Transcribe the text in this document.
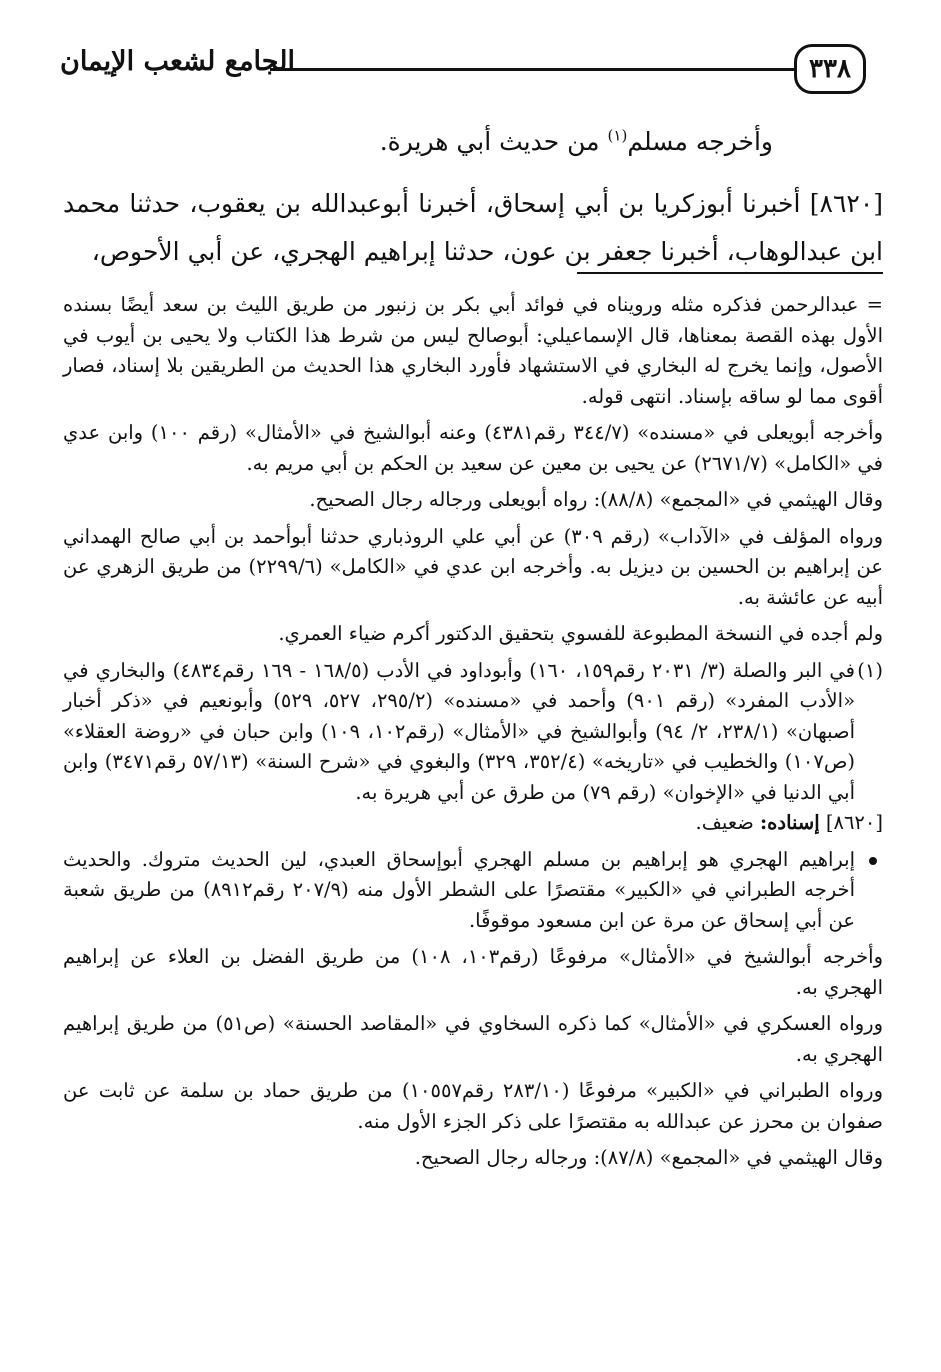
٣٣٨
الجامع لشعب الإيمان

وأخرجه مسلم$^{(١)}$ من حديث أبي هريرة.

[٨٦٢٠] أخبرنا أبوزكريا بن أبي إسحاق، أخبرنا أبوعبدالله بن يعقوب، حدثنا محمد ابن عبدالوهاب، أخبرنا جعفر بن عون، حدثنا إبراهيم الهجري، عن أبي الأحوص،

= عبدالرحمن فذكره مثله ورويناه في فوائد أبي بكر بن زنبور من طريق الليث بن سعد أيضًا بسنده الأول بهذه القصة بمعناها، قال الإسماعيلي: أبوصالح ليس من شرط هذا الكتاب ولا يحيى بن أيوب في الأصول، وإنما يخرج له البخاري في الاستشهاد فأورد البخاري هذا الحديث من الطريقين بلا إسناد، فصار أقوى مما لو ساقه بإسناد. انتهى قوله.

وأخرجه أبويعلى في «مسنده» (٣٤٤/٧ رقم٤٣٨١) وعنه أبوالشيخ في «الأمثال» (رقم ١٠٠) وابن عدي في «الكامل» (٢٦٧١/٧) عن يحيى بن معين عن سعيد بن الحكم بن أبي مريم به.

وقال الهيثمي في «المجمع» (٨٨/٨): رواه أبويعلى ورجاله رجال الصحيح.

ورواه المؤلف في «الآداب» (رقم ٣٠٩) عن أبي علي الروذباري حدثنا أبوأحمد بن أبي صالح الهمداني عن إبراهيم بن الحسين بن ديزيل به. وأخرجه ابن عدي في «الكامل» (٢٢٩٩/٦) من طريق الزهري عن أبيه عن عائشة به.

ولم أجده في النسخة المطبوعة للفسوي بتحقيق الدكتور أكرم ضياء العمري.

(١)
في البر والصلة (٣/ ٢٠٣١ رقم١٥٩، ١٦٠) وأبوداود في الأدب (١٦٨/٥ - ١٦٩ رقم٤٨٣٤) والبخاري في «الأدب المفرد» (رقم ٩٠١) وأحمد في «مسنده» (٢٩٥/٢، ٥٢٧، ٥٢٩) وأبونعيم في «ذكر أخبار أصبهان» (٢٣٨/١، ٢/ ٩٤) وأبوالشيخ في «الأمثال» (رقم١٠٢، ١٠٩) وابن حبان في «روضة العقلاء» (ص١٠٧) والخطيب في «تاريخه» (٣٥٢/٤، ٣٢٩) والبغوي في «شرح السنة» (٥٧/١٣ رقم٣٤٧١) وابن أبي الدنيا في «الإخوان» (رقم ٧٩) من طرق عن أبي هريرة به.

[٨٦٢٠] إسناده: ضعيف.

إبراهيم الهجري هو إبراهيم بن مسلم الهجري أبوإسحاق العبدي، لين الحديث متروك. والحديث أخرجه الطبراني في «الكبير» مقتصرًا على الشطر الأول منه (٢٠٧/٩ رقم٨٩١٢) من طريق شعبة عن أبي إسحاق عن مرة عن ابن مسعود موقوفًا.

وأخرجه أبوالشيخ في «الأمثال» مرفوعًا (رقم١٠٣، ١٠٨) من طريق الفضل بن العلاء عن إبراهيم الهجري به.

ورواه العسكري في «الأمثال» كما ذكره السخاوي في «المقاصد الحسنة» (ص٥١) من طريق إبراهيم الهجري به.

ورواه الطبراني في «الكبير» مرفوعًا (٢٨٣/١٠ رقم١٠٥٥٧) من طريق حماد بن سلمة عن ثابت عن صفوان بن محرز عن عبدالله به مقتصرًا على ذكر الجزء الأول منه.

وقال الهيثمي في «المجمع» (٨٧/٨): ورجاله رجال الصحيح.
